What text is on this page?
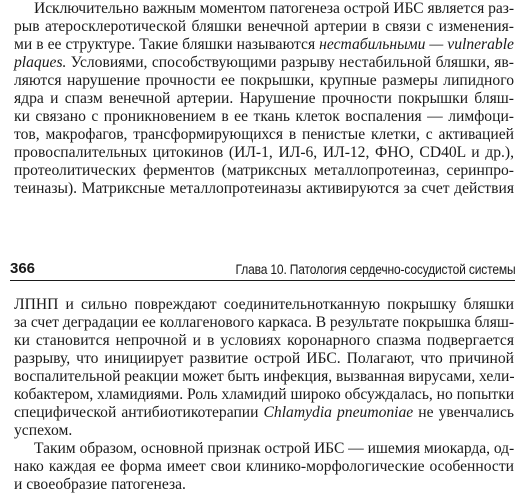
Исключительно важным моментом патогенеза острой ИБС является раз-
рыв атеросклеротической бляшки венечной артерии в связи с изменения-
ми в ее структуре. Такие бляшки называются нестабильными — vulnerable
plaques. Условиями, способствующими разрыву нестабильной бляшки, яв-
ляются нарушение прочности ее покрышки, крупные размеры липидного
ядра и спазм венечной артерии. Нарушение прочности покрышки бляш-
ки связано с проникновением в ее ткань клеток воспаления — лимфоци-
тов, макрофагов, трансформирующихся в пенистые клетки, с активацией
провоспалительных цитокинов (ИЛ-1, ИЛ-6, ИЛ-12, ФНО, CD40L и др.),
протеолитических ферментов (матриксных металлопротеиназ, серинпро-
теиназы). Матриксные металлопротеиназы активируются за счет действия
366	Глава 10. Патология сердечно-сосудистой системы
ЛПНП и сильно повреждают соединительнотканную покрышку бляшки
за счет деградации ее коллагенового каркаса. В результате покрышка бляш-
ки становится непрочной и в условиях коронарного спазма подвергается
разрыву, что инициирует развитие острой ИБС. Полагают, что причиной
воспалительной реакции может быть инфекция, вызванная вирусами, хели-
кобактером, хламидиями. Роль хламидий широко обсуждалась, но попытки
специфической антибиотикотерапии Chlamydia pneumoniae не увенчались
успехом.
Таким образом, основной признак острой ИБС — ишемия миокарда, од-
нако каждая ее форма имеет свои клинико-морфологические особенности
и своеобразие патогенеза.
